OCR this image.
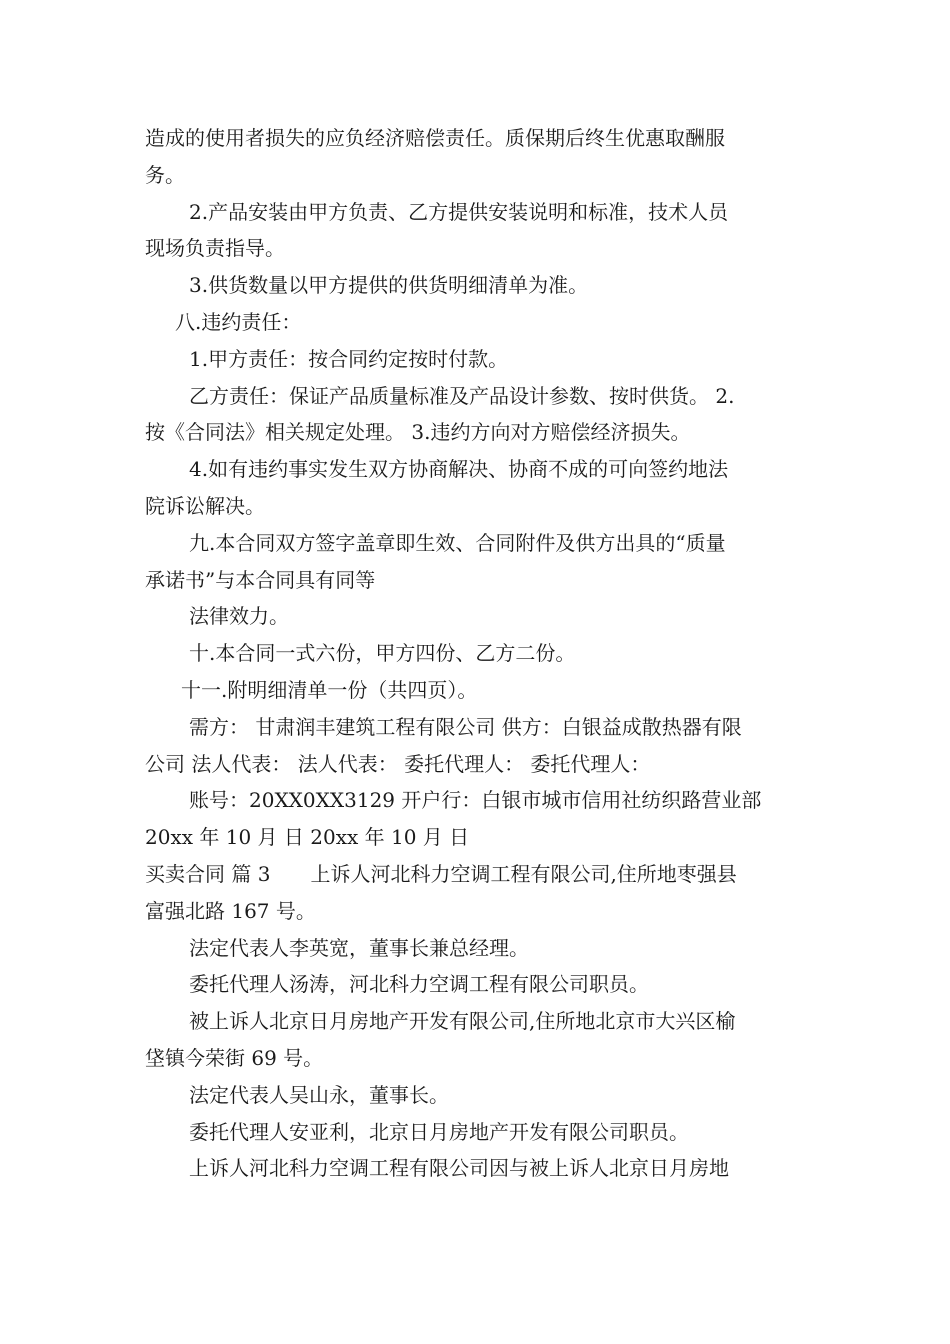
造成的使用者损失的应负经济赔偿责任。质保期后终生优惠取酬服
务。
2.产品安装由甲方负责、乙方提供安装说明和标准，技术人员
现场负责指导。
3.供货数量以甲方提供的供货明细清单为准。
八.违约责任：
1.甲方责任：按合同约定按时付款。
乙方责任：保证产品质量标准及产品设计参数、按时供货。 2.
按《合同法》相关规定处理。 3.违约方向对方赔偿经济损失。
4.如有违约事实发生双方协商解决、协商不成的可向签约地法
院诉讼解决。
九.本合同双方签字盖章即生效、合同附件及供方出具的“质量
承诺书”与本合同具有同等
法律效力。
十.本合同一式六份，甲方四份、乙方二份。
十一.附明细清单一份（共四页）。
需方： 甘肃润丰建筑工程有限公司 供方：白银益成散热器有限
公司 法人代表： 法人代表： 委托代理人： 委托代理人：
账号：20XX0XX3129 开户行：白银市城市信用社纺织路营业部
20xx 年 10 月 日 20xx 年 10 月 日
买卖合同 篇 3　　上诉人河北科力空调工程有限公司,住所地枣强县
富强北路 167 号。
法定代表人李英宽，董事长兼总经理。
委托代理人汤涛，河北科力空调工程有限公司职员。
被上诉人北京日月房地产开发有限公司,住所地北京市大兴区榆
垡镇今荣街 69 号。
法定代表人吴山永，董事长。
委托代理人安亚利，北京日月房地产开发有限公司职员。
上诉人河北科力空调工程有限公司因与被上诉人北京日月房地
